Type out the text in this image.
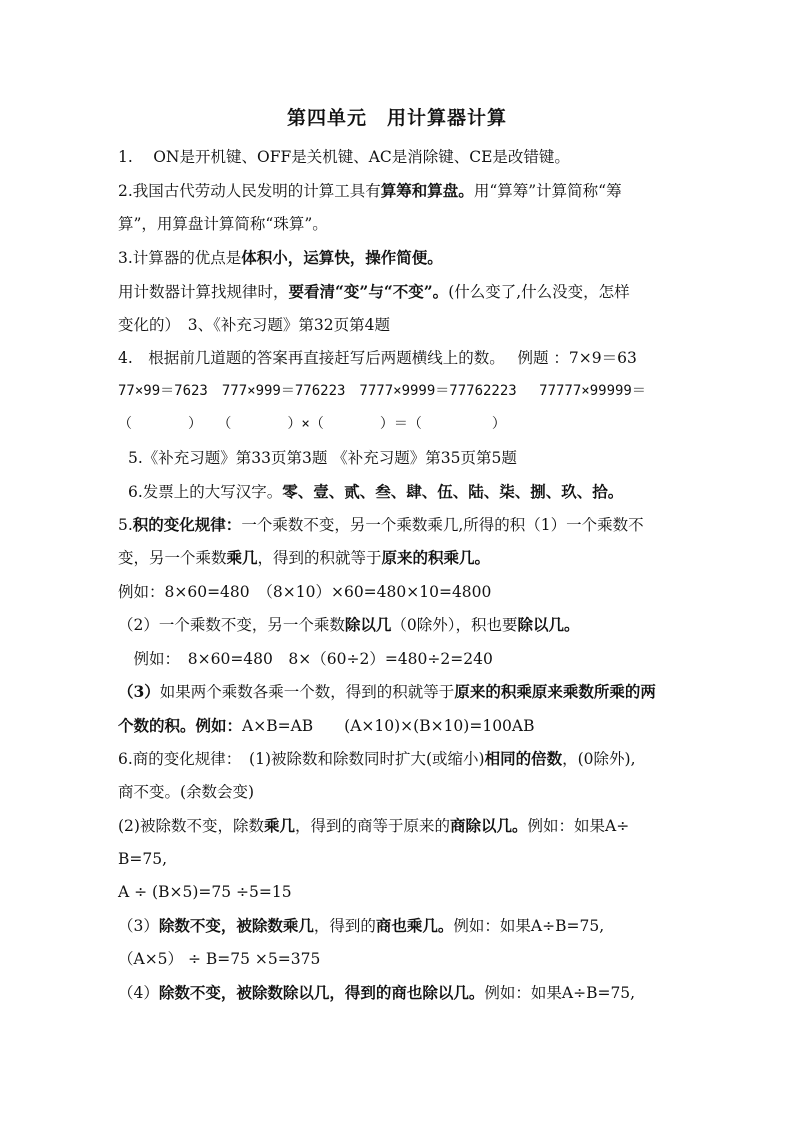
第四单元　用计算器计算
1.　 ON是开机键、OFF是关机键、AC是消除键、CE是改错键。
2.我国古代劳动人民发明的计算工具有算筹和算盘。用“算筹”计算简称“筹
算”，用算盘计算简称“珠算”。
3.计算器的优点是体积小，运算快，操作简便。
用计数器计算找规律时，要看清“变”与“不变”。(什么变了,什么没变，怎样
变化的）　3、《补充习题》第32页第4题
4.　根据前几道题的答案再直接赶写后两题横线上的数。　 例题 ：7×9＝63
77×99＝7623　777×999＝776223　7777×9999＝77762223　 77777×99999＝
（　　　　）　 （　　　　）×（　　　　）＝（　　　　　）
5.《补充习题》第33页第3题 《补充习题》第35页第5题
6.发票上的大写汉字。零、壹、贰、叁、肆、伍、陆、柒、捌、玖、拾。
5.积的变化规律：一个乘数不变，另一个乘数乘几,所得的积（1）一个乘数不
变，另一个乘数乘几，得到的积就等于原来的积乘几。
例如：8×60=480　（8×10）×60=480×10=4800
（2）一个乘数不变，另一个乘数除以几（0除外），积也要除以几。
　例如：　8×60=480　8×（60÷2）=480÷2=240
（3）如果两个乘数各乘一个数，得到的积就等于原来的积乘原来乘数所乘的两
个数的积。例如：A×B=AB　　(A×10)×(B×10)=100AB
6.商的变化规律：　(1)被除数和除数同时扩大(或缩小)相同的倍数，(0除外),
商不变。(余数会变)
(2)被除数不变，除数乘几，得到的商等于原来的商除以几。例如：如果A÷
B=75,
A ÷ (B×5)=75 ÷5=15
（3）除数不变，被除数乘几，得到的商也乘几。例如：如果A÷B=75,
（A×5） ÷ B=75 ×5=375
（4）除数不变，被除数除以几，得到的商也除以几。例如：如果A÷B=75,
